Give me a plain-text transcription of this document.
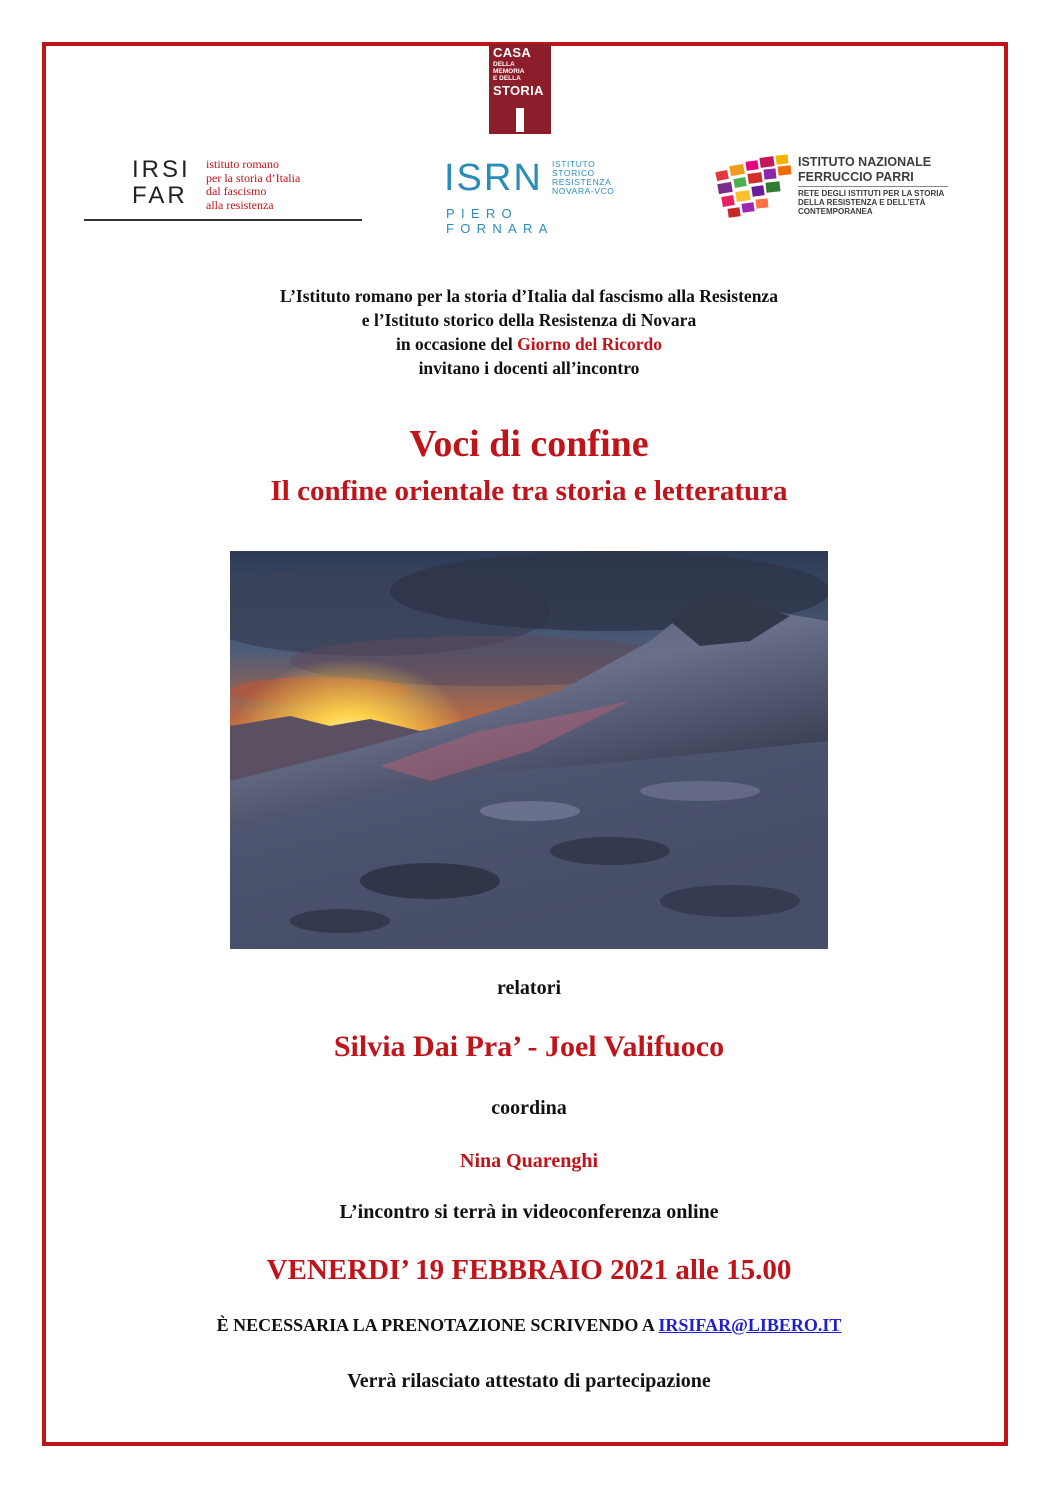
CASA
DELLA
MEMORIA
E DELLA
STORIA
IRSI
FAR
istituto romano
per la storia d’Italia
dal fascismo
alla resistenza
ISRN ISTITUTO
STORICO
RESISTENZA
NOVARA-VCO
PIERO FORNARA
ISTITUTO NAZIONALE
FERRUCCIO PARRI
RETE DEGLI ISTITUTI PER LA STORIA
DELLA RESISTENZA E DELL’ETÀ
CONTEMPORANEA
L’Istituto romano per la storia d’Italia dal fascismo alla Resistenza
e l’Istituto storico della Resistenza di Novara
in occasione del Giorno del Ricordo
invitano i docenti all’incontro
Voci di confine
Il confine orientale tra storia e letteratura
relatori
Silvia Dai Pra’ - Joel Valifuoco
coordina
Nina Quarenghi
L’incontro si terrà in videoconferenza online
VENERDI’ 19 FEBBRAIO 2021 alle 15.00
È NECESSARIA LA PRENOTAZIONE SCRIVENDO A IRSIFAR@LIBERO.IT
Verrà rilasciato attestato di partecipazione
